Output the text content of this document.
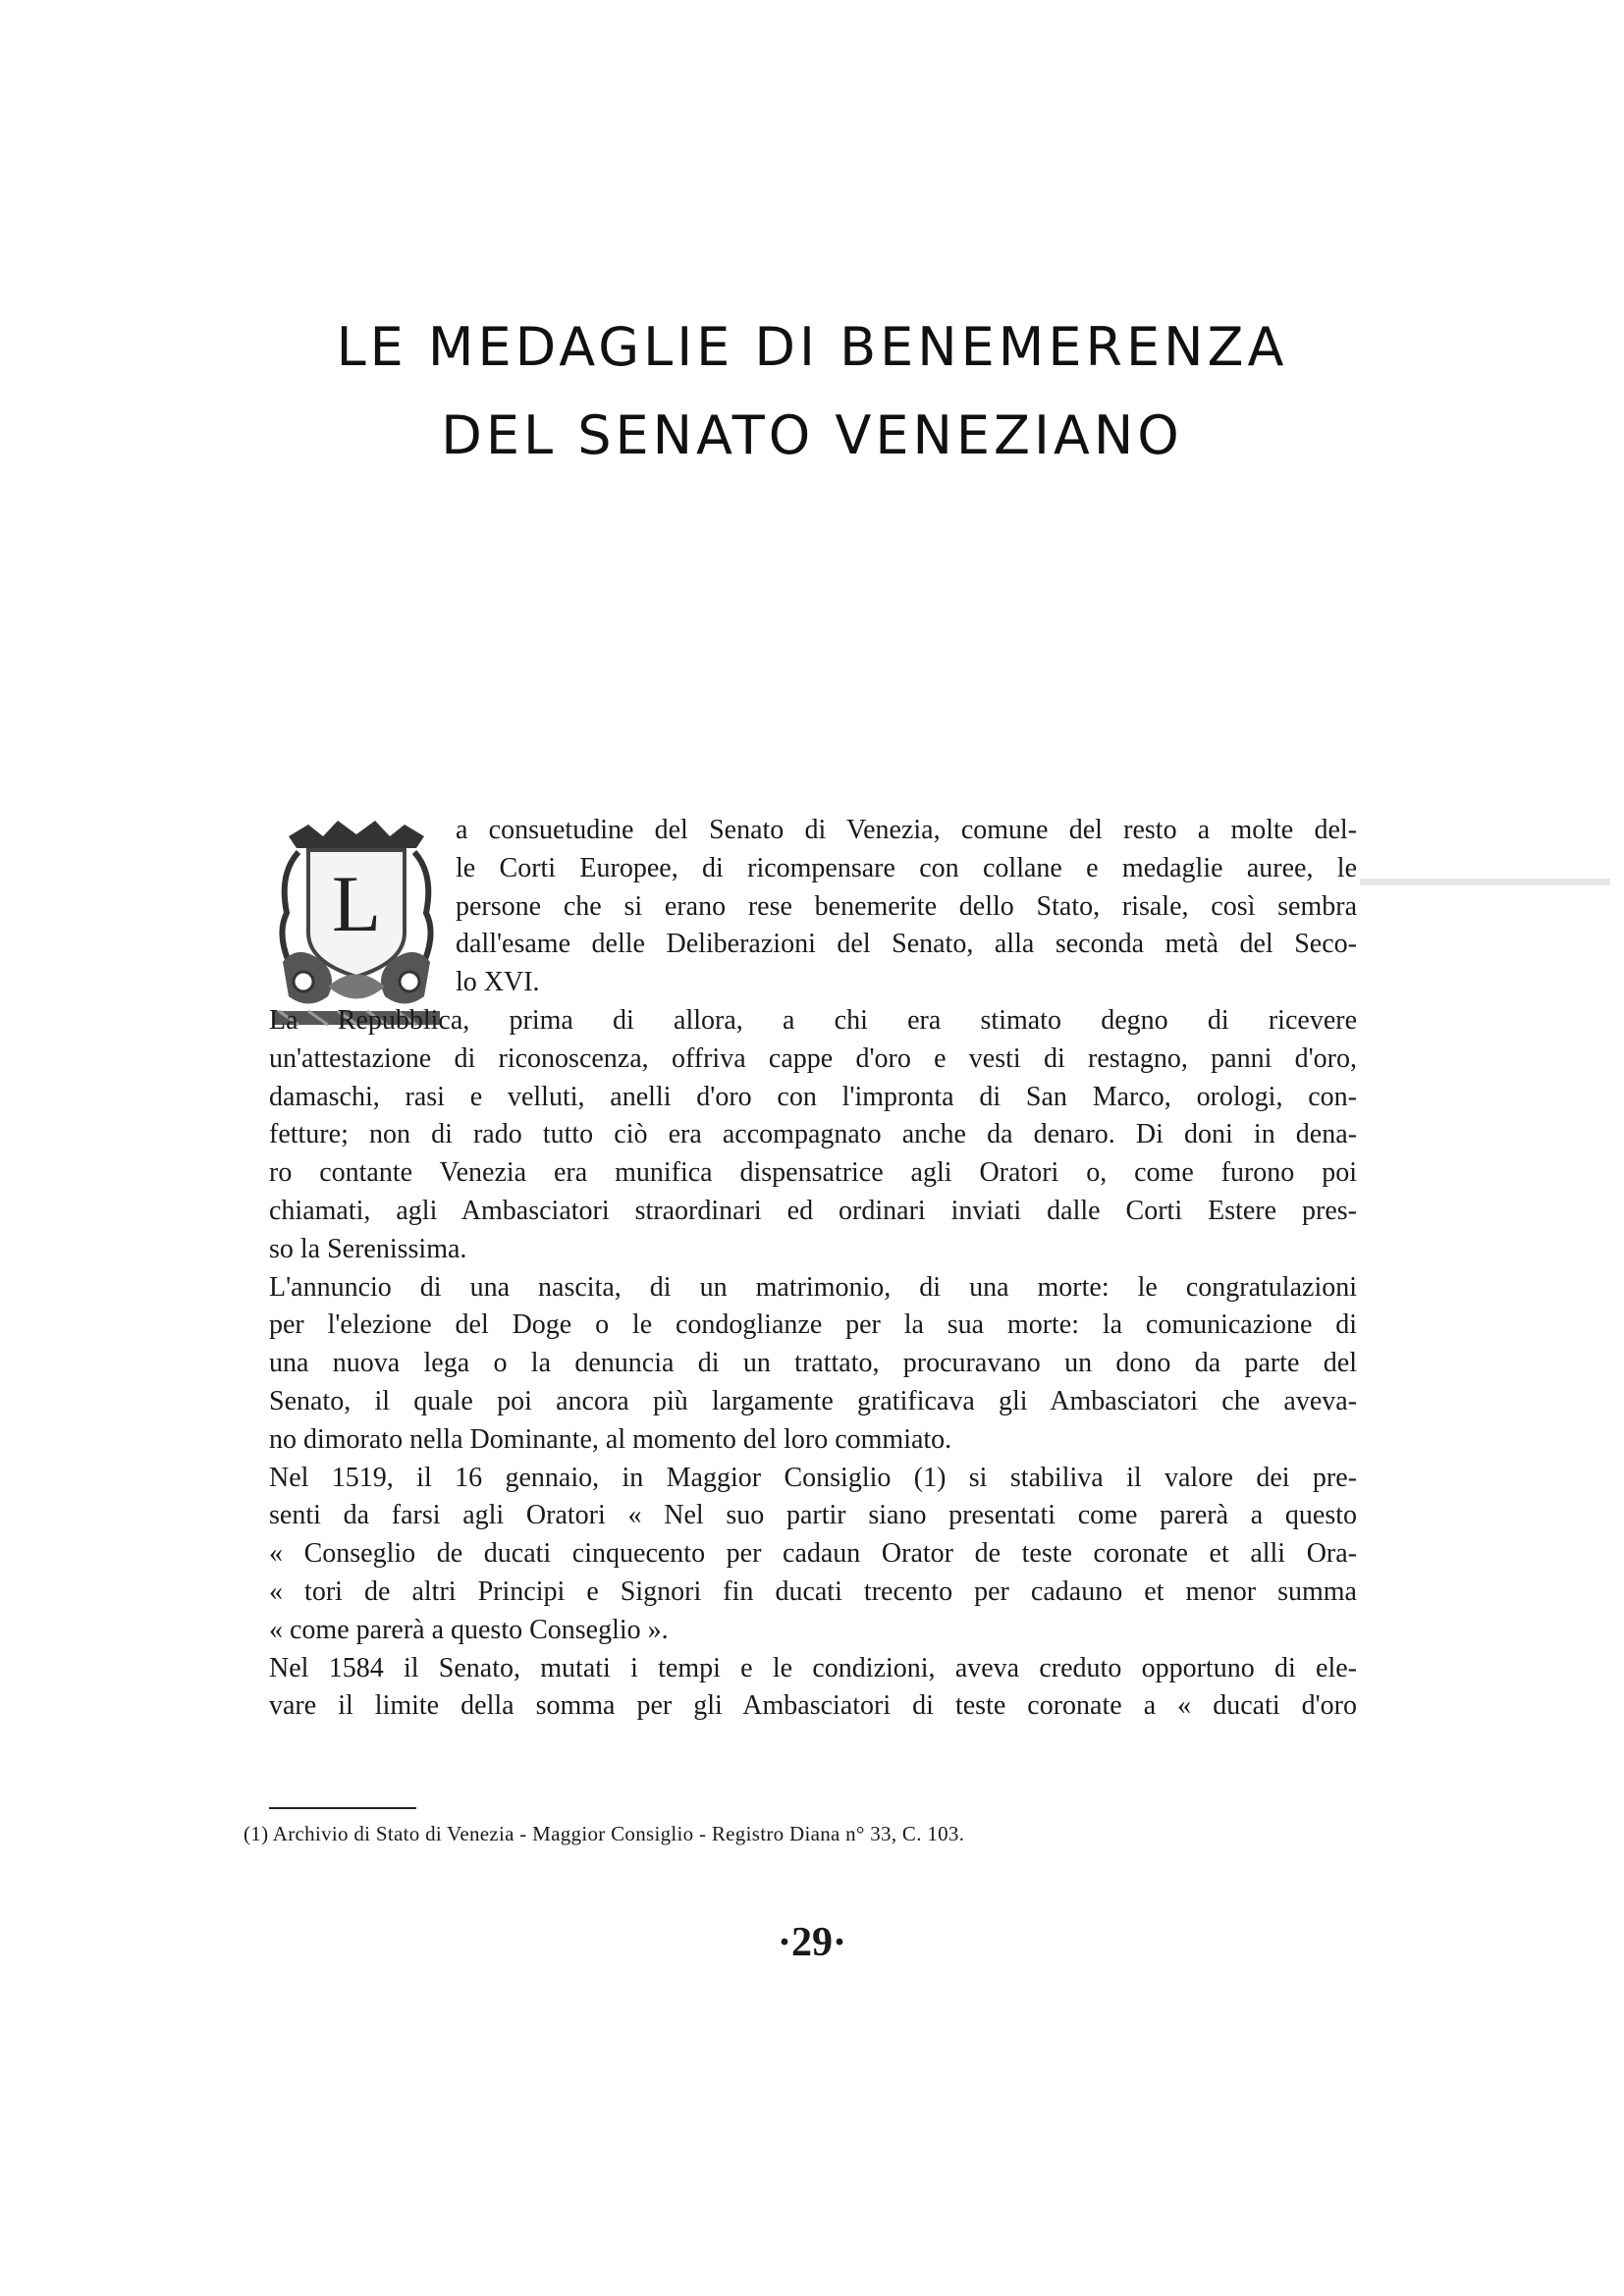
LE MEDAGLIE DI BENEMERENZA
DEL SENATO VENEZIANO
L
a consuetudine del Senato di Venezia, comune del resto a molte del-
le Corti Europee, di ricompensare con collane e medaglie auree, le
persone che si erano rese benemerite dello Stato, risale, così sembra
dall'esame delle Deliberazioni del Senato, alla seconda metà del Seco-
lo XVI.
La Repubblica, prima di allora, a chi era stimato degno di ricevere
un'attestazione di riconoscenza, offriva cappe d'oro e vesti di restagno, panni d'oro,
damaschi, rasi e velluti, anelli d'oro con l'impronta di San Marco, orologi, con-
fetture; non di rado tutto ciò era accompagnato anche da denaro. Di doni in dena-
ro contante Venezia era munifica dispensatrice agli Oratori o, come furono poi
chiamati, agli Ambasciatori straordinari ed ordinari inviati dalle Corti Estere pres-
so la Serenissima.
L'annuncio di una nascita, di un matrimonio, di una morte: le congratulazioni
per l'elezione del Doge o le condoglianze per la sua morte: la comunicazione di
una nuova lega o la denuncia di un trattato, procuravano un dono da parte del
Senato, il quale poi ancora più largamente gratificava gli Ambasciatori che aveva-
no dimorato nella Dominante, al momento del loro commiato.
Nel 1519, il 16 gennaio, in Maggior Consiglio (1) si stabiliva il valore dei pre-
senti da farsi agli Oratori « Nel suo partir siano presentati come parerà a questo
« Conseglio de ducati cinquecento per cadaun Orator de teste coronate et alli Ora-
« tori de altri Principi e Signori fin ducati trecento per cadauno et menor summa
« come parerà a questo Conseglio ».
Nel 1584 il Senato, mutati i tempi e le condizioni, aveva creduto opportuno di ele-
vare il limite della somma per gli Ambasciatori di teste coronate a « ducati d'oro
(1) Archivio di Stato di Venezia - Maggior Consiglio - Registro Diana n° 33, C. 103.
·29·
